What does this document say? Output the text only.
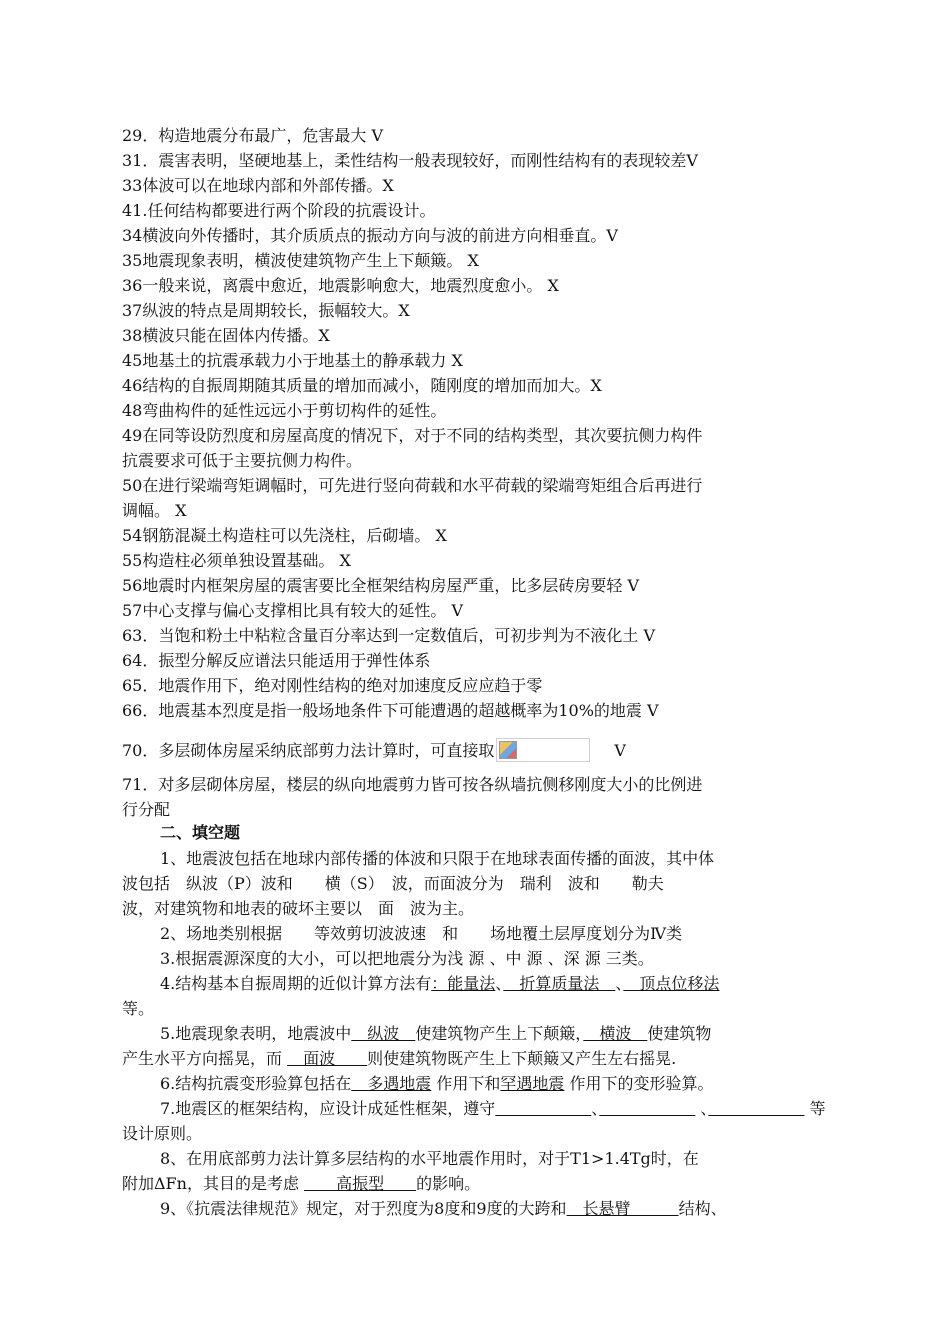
29．构造地震分布最广，危害最大 V
31．震害表明，坚硬地基上，柔性结构一般表现较好，而刚性结构有的表现较差V
33体波可以在地球内部和外部传播。X
41.任何结构都要进行两个阶段的抗震设计。
34横波向外传播时，其介质质点的振动方向与波的前进方向相垂直。V
35地震现象表明，横波使建筑物产生上下颠簸。 X
36一般来说，离震中愈近，地震影响愈大，地震烈度愈小。 X
37纵波的特点是周期较长，振幅较大。X
38横波只能在固体内传播。X
45地基土的抗震承载力小于地基土的静承载力 X
46结构的自振周期随其质量的增加而减小，随刚度的增加而加大。X
48弯曲构件的延性远远小于剪切构件的延性。
49在同等设防烈度和房屋高度的情况下，对于不同的结构类型，其次要抗侧力构件
抗震要求可低于主要抗侧力构件。
50在进行梁端弯矩调幅时，可先进行竖向荷载和水平荷载的梁端弯矩组合后再进行
调幅。 X
54钢筋混凝土构造柱可以先浇柱，后砌墙。 X
55构造柱必须单独设置基础。 X
56地震时内框架房屋的震害要比全框架结构房屋严重，比多层砖房要轻 V
57中心支撑与偏心支撑相比具有较大的延性。 V
63．当饱和粉土中粘粒含量百分率达到一定数值后，可初步判为不液化土 V
64．振型分解反应谱法只能适用于弹性体系
65．地震作用下，绝对刚性结构的绝对加速度反应应趋于零
66．地震基本烈度是指一般场地条件下可能遭遇的超越概率为10%的地震 V
70．多层砌体房屋采纳底部剪力法计算时，可直接取	V
71．对多层砌体房屋，楼层的纵向地震剪力皆可按各纵墙抗侧移刚度大小的比例进
行分配
二、填空题
1、地震波包括在地球内部传播的体波和只限于在地球表面传播的面波，其中体
波包括　纵波（P）波和　　横（S）　波，而面波分为　瑞利　波和　　勒夫
波，对建筑物和地表的破坏主要以　面　波为主。
2、场地类别根据　　等效剪切波波速　和　　场地覆土层厚度划分为Ⅳ类
3.根据震源深度的大小，可以把地震分为浅 源 、中 源 、深 源 三类。
4.结构基本自振周期的近似计算方法有：能量法、　折算质量法　、　顶点位移法
等。
5.地震现象表明，地震波中　纵波　使建筑物产生上下颠簸，　横波　使建筑物
产生水平方向摇晃，而 　面波　　则使建筑物既产生上下颠簸又产生左右摇晃.
6.结构抗震变形验算包括在　多遇地震 作用下和罕遇地震 作用下的变形验算。
7.地震区的框架结构，应设计成延性框架，遵守　　　　　　	、　　　　　　	、　　　　　　	等
设计原则。
8、在用底部剪力法计算多层结构的水平地震作用时，对于T1>1.4Tg时，在
附加ΔFn，其目的是考虑 　　高振型　　的影响。
9、《抗震法律规范》规定，对于烈度为8度和9度的大跨和　长悬臂　　　结构、
